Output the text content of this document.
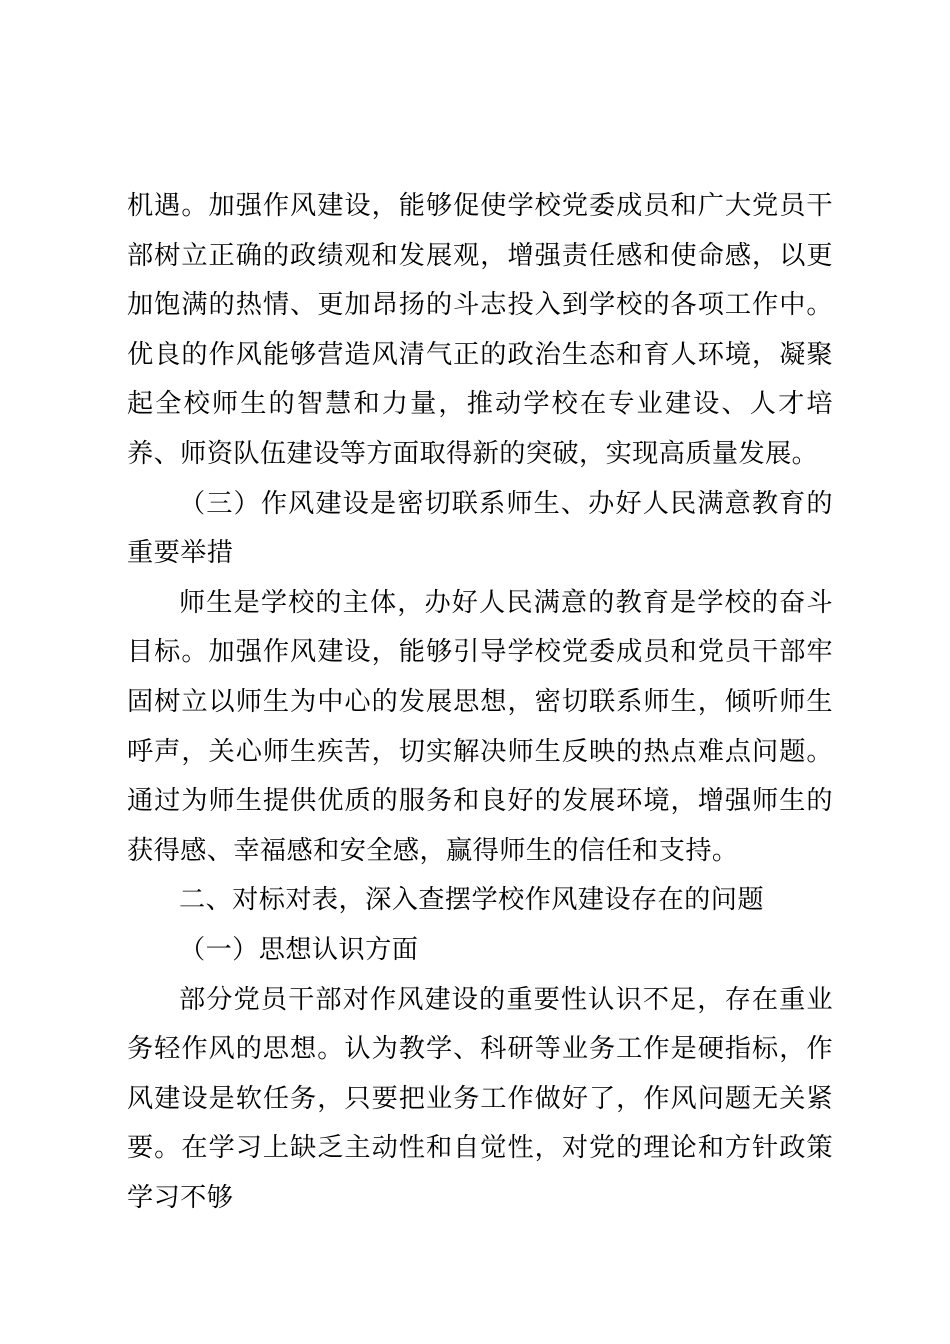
机遇。加强作风建设，能够促使学校党委成员和广大党员干部树立正确的政绩观和发展观，增强责任感和使命感，以更加饱满的热情、更加昂扬的斗志投入到学校的各项工作中。优良的作风能够营造风清气正的政治生态和育人环境，凝聚起全校师生的智慧和力量，推动学校在专业建设、人才培养、师资队伍建设等方面取得新的突破，实现高质量发展。

（三）作风建设是密切联系师生、办好人民满意教育的重要举措

师生是学校的主体，办好人民满意的教育是学校的奋斗目标。加强作风建设，能够引导学校党委成员和党员干部牢固树立以师生为中心的发展思想，密切联系师生，倾听师生呼声，关心师生疾苦，切实解决师生反映的热点难点问题。通过为师生提供优质的服务和良好的发展环境，增强师生的获得感、幸福感和安全感，赢得师生的信任和支持。

二、对标对表，深入查摆学校作风建设存在的问题

（一）思想认识方面

部分党员干部对作风建设的重要性认识不足，存在重业务轻作风的思想。认为教学、科研等业务工作是硬指标，作风建设是软任务，只要把业务工作做好了，作风问题无关紧要。在学习上缺乏主动性和自觉性，对党的理论和方针政策学习不够
